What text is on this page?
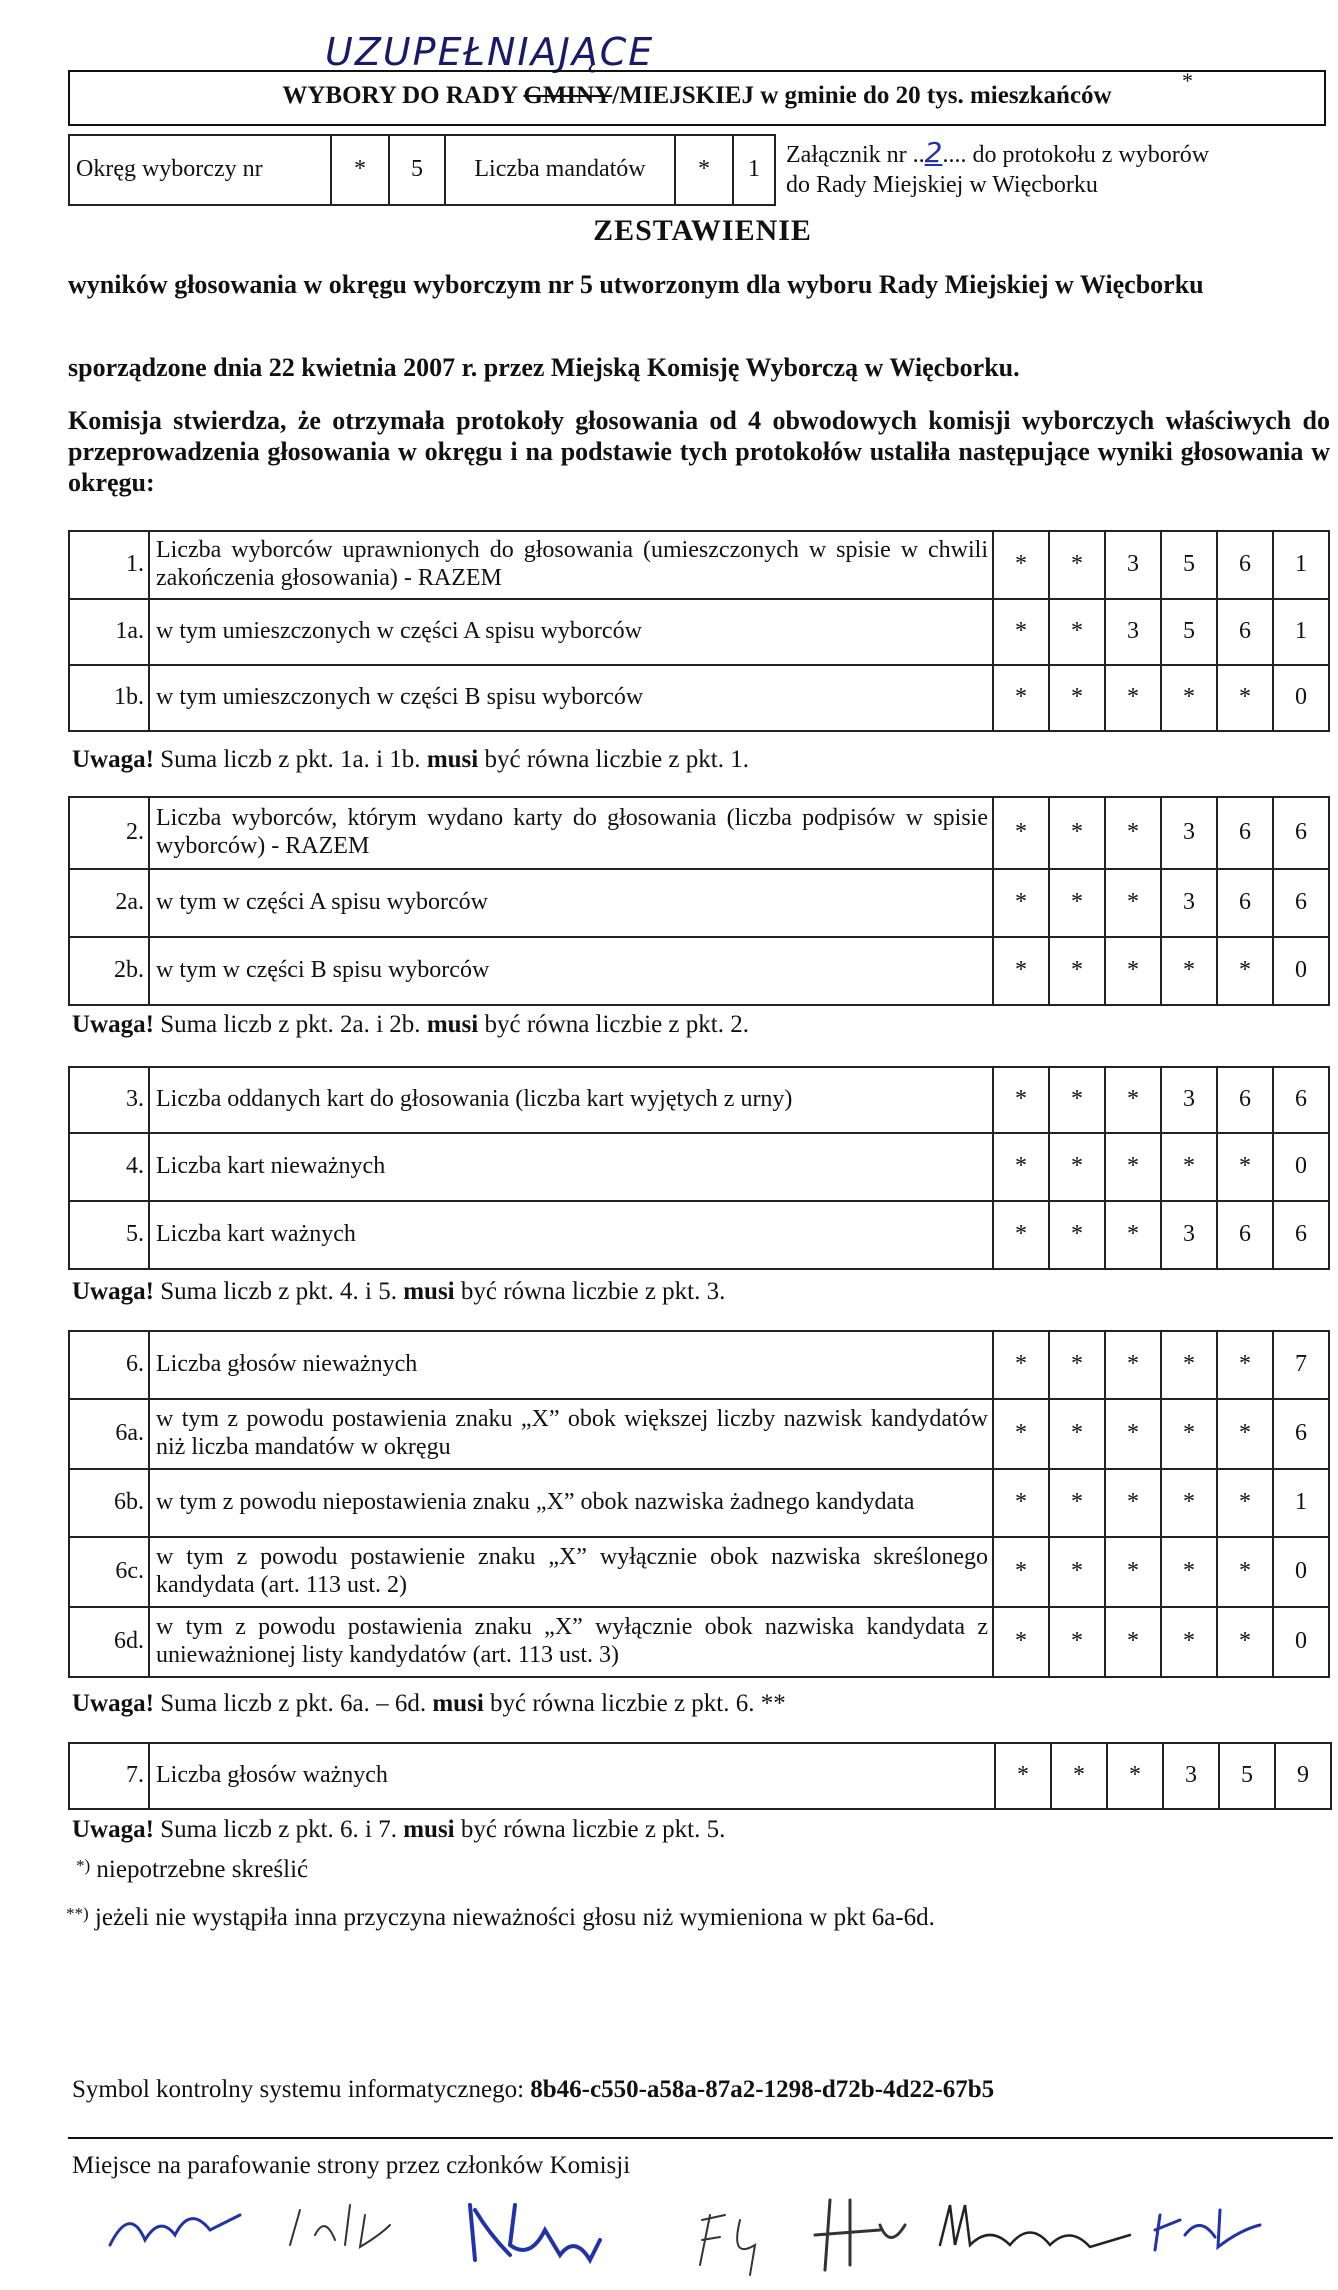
UZUPEŁNIAJĄCE
WYBORY DO RADY GMINY/MIEJSKIEJ w gminie do 20 tys. mieszkańców
*
Okręg wyborczy nr	*	5	Liczba mandatów	*	1
Załącznik nr ..2.... do protokołu z wyborów
do Rady Miejskiej w Więcborku
ZESTAWIENIE
wyników głosowania w okręgu wyborczym nr 5 utworzonym dla wyboru Rady Miejskiej w Więcborku
sporządzone dnia 22 kwietnia 2007 r. przez Miejską Komisję Wyborczą w Więcborku.
Komisja stwierdza, że otrzymała protokoły głosowania od 4 obwodowych komisji wyborczych właściwych do przeprowadzenia głosowania w okręgu i na podstawie tych protokołów ustaliła następujące wyniki głosowania w okręgu:
1.	Liczba wyborców uprawnionych do głosowania (umieszczonych w spisie w chwili zakończenia głosowania) - RAZEM	*	*	3	5	6	1
1a.	w tym umieszczonych w części A spisu wyborców	*	*	3	5	6	1
1b.	w tym umieszczonych w części B spisu wyborców	*	*	*	*	*	0
Uwaga! Suma liczb z pkt. 1a. i 1b. musi być równa liczbie z pkt. 1.
2.	Liczba wyborców, którym wydano karty do głosowania (liczba podpisów w spisie wyborców) - RAZEM	*	*	*	3	6	6
2a.	w tym w części A spisu wyborców	*	*	*	3	6	6
2b.	w tym w części B spisu wyborców	*	*	*	*	*	0
Uwaga! Suma liczb z pkt. 2a. i 2b. musi być równa liczbie z pkt. 2.
3.	Liczba oddanych kart do głosowania (liczba kart wyjętych z urny)	*	*	*	3	6	6
4.	Liczba kart nieważnych	*	*	*	*	*	0
5.	Liczba kart ważnych	*	*	*	3	6	6
Uwaga! Suma liczb z pkt. 4. i 5. musi być równa liczbie z pkt. 3.
6.	Liczba głosów nieważnych	*	*	*	*	*	7
6a.	w tym z powodu postawienia znaku „X” obok większej liczby nazwisk kandydatów niż liczba mandatów w okręgu	*	*	*	*	*	6
6b.	w tym z powodu niepostawienia znaku „X” obok nazwiska żadnego kandydata	*	*	*	*	*	1
6c.	w tym z powodu postawienie znaku „X” wyłącznie obok nazwiska skreślonego kandydata (art. 113 ust. 2)	*	*	*	*	*	0
6d.	w tym z powodu postawienia znaku „X” wyłącznie obok nazwiska kandydata z unieważnionej listy kandydatów (art. 113 ust. 3)	*	*	*	*	*	0
Uwaga! Suma liczb z pkt. 6a. – 6d. musi być równa liczbie z pkt. 6. **
7.	Liczba głosów ważnych	*	*	*	3	5	9
Uwaga! Suma liczb z pkt. 6. i 7. musi być równa liczbie z pkt. 5.
*) niepotrzebne skreślić
**) jeżeli nie wystąpiła inna przyczyna nieważności głosu niż wymieniona w pkt 6a-6d.
Symbol kontrolny systemu informatycznego: 8b46-c550-a58a-87a2-1298-d72b-4d22-67b5
Miejsce na parafowanie strony przez członków Komisji
